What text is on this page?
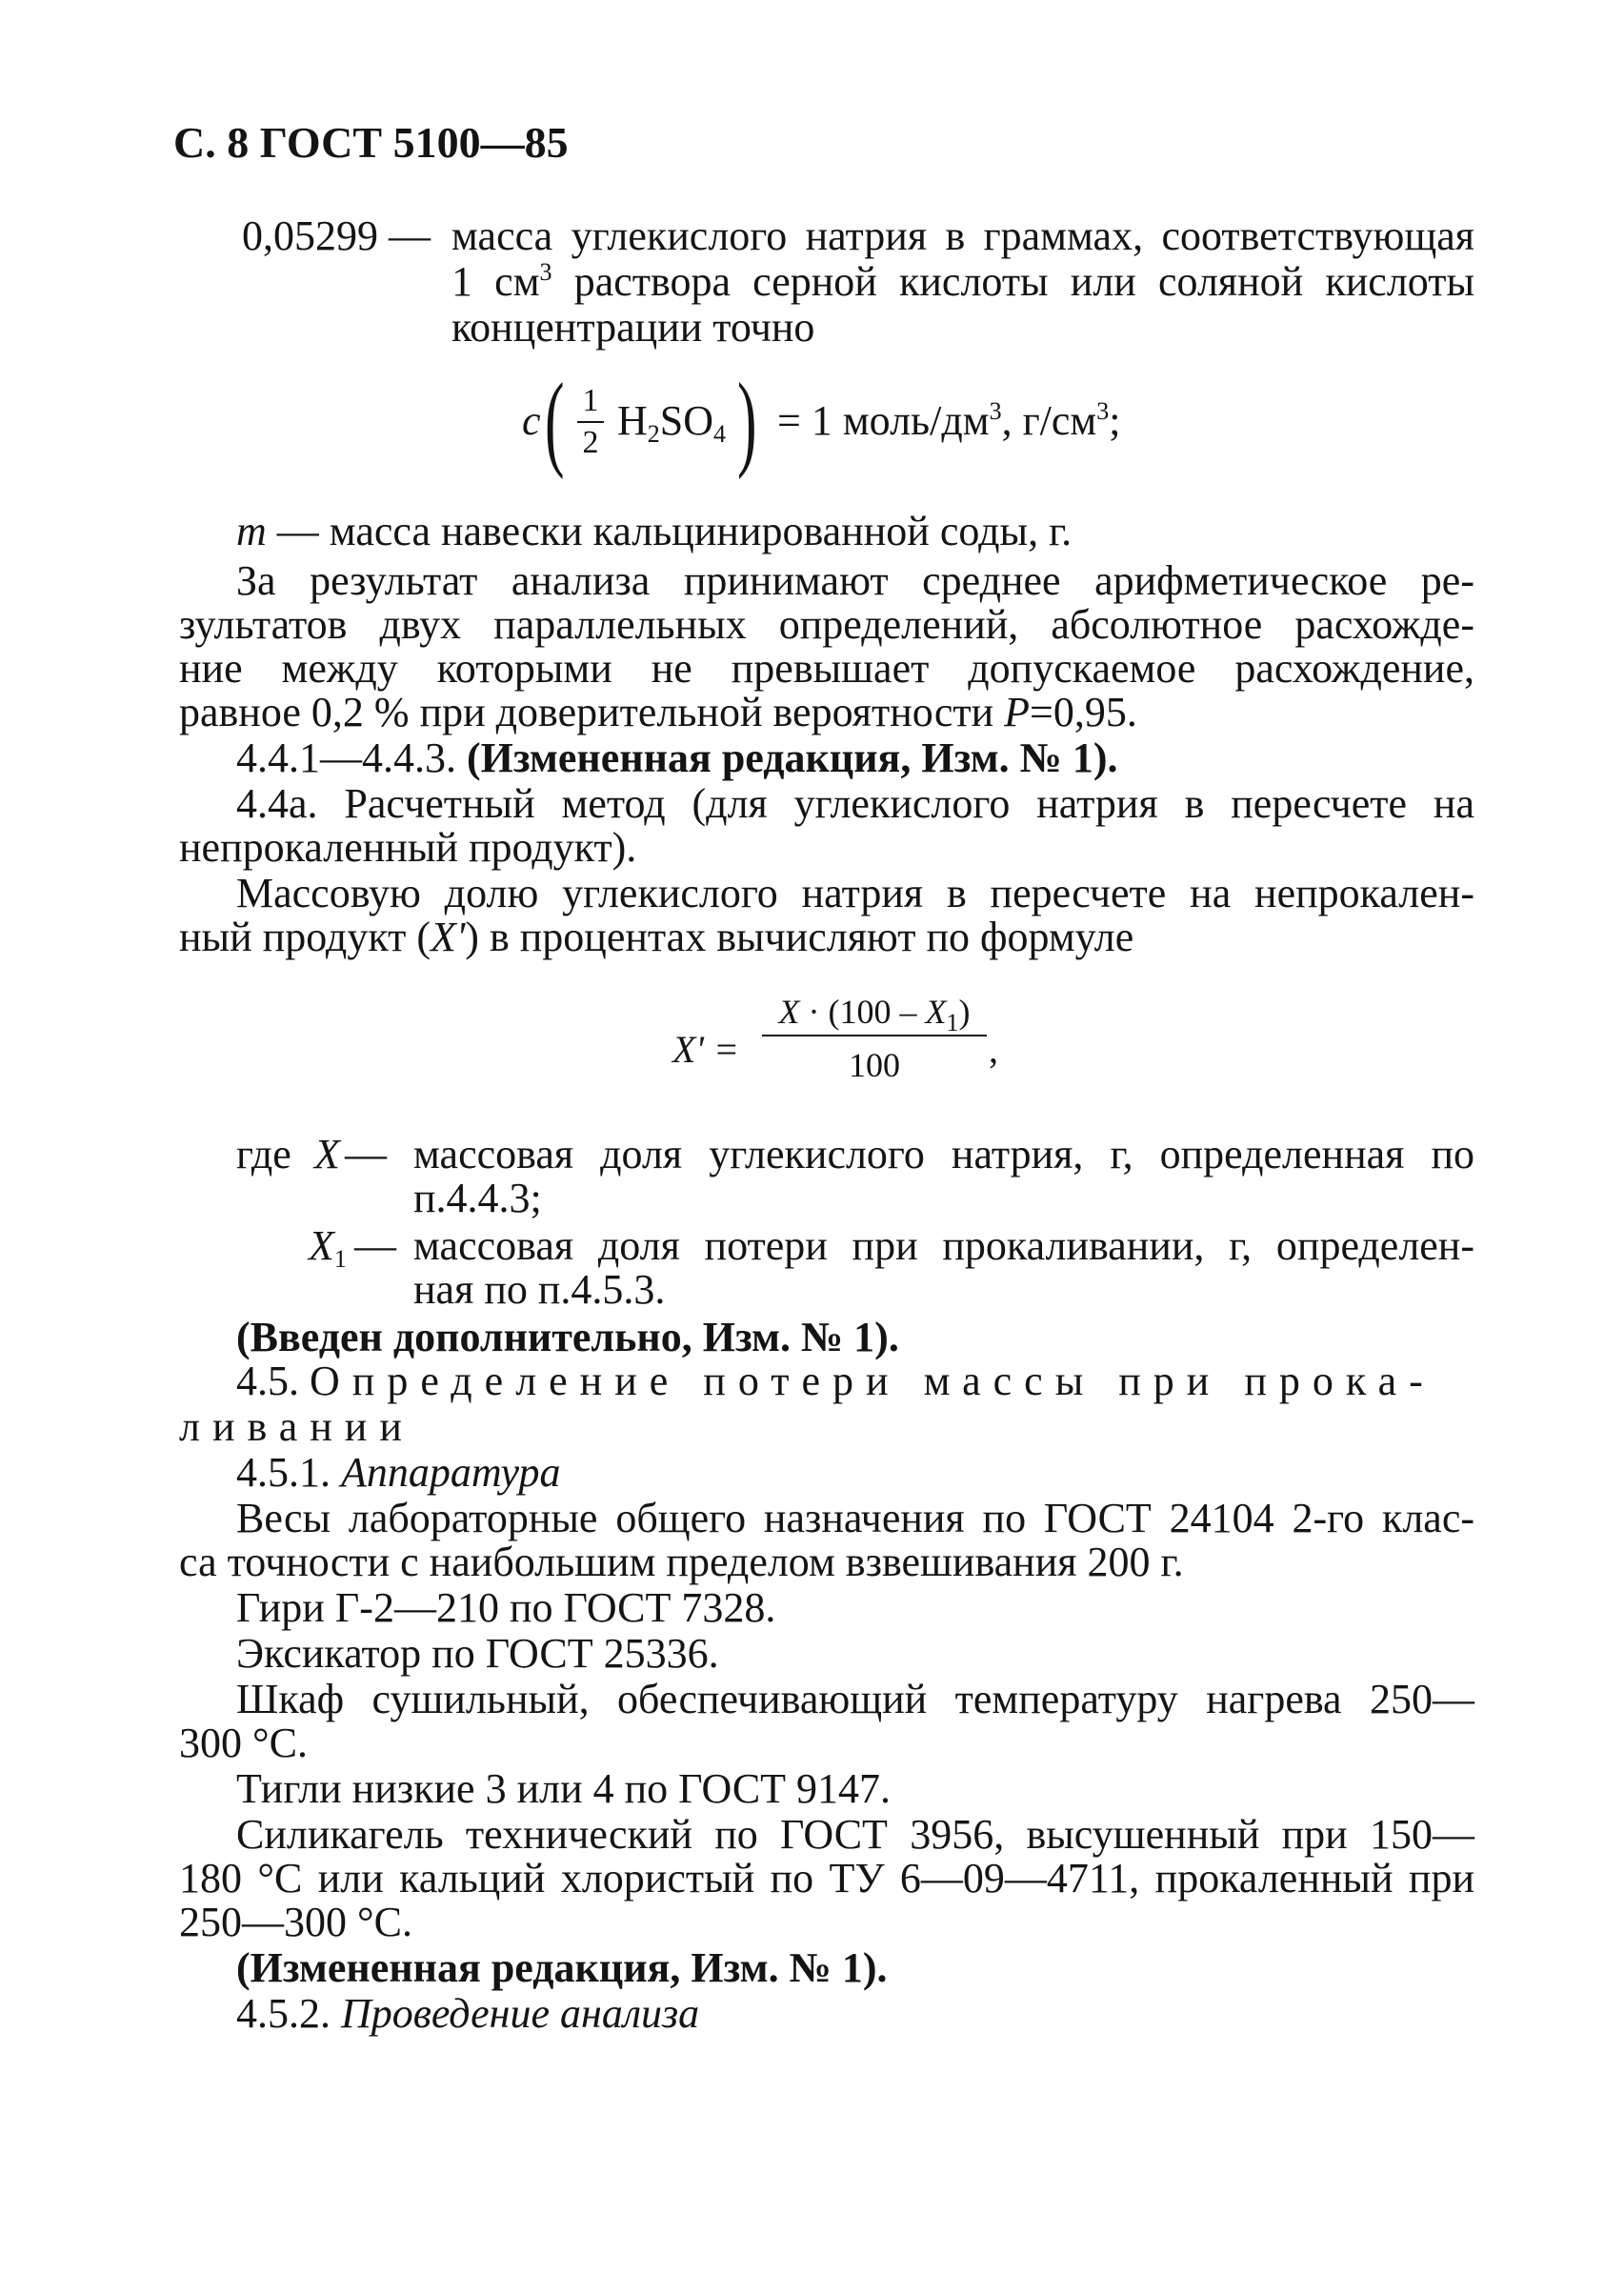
С. 8 ГОСТ 5100—85
0,05299 — масса углекислого натрия в граммах, соответствующая
1 $см^3$ раствора серной кислоты или соляной кислоты
концентрации точно
c ( 1
2 $H_2SO_4$ ) = 1 моль/$дм^3$, $г/см^3$;
m — масса навески кальцинированной соды, г.
За результат анализа принимают среднее арифметическое ре-
зультатов двух параллельных определений, абсолютное расхожде-
ние между которыми не превышает допускаемое расхождение,
равное 0,2 % при доверительной вероятности P=0,95.
4.4.1—4.4.3. (Измененная редакция, Изм. № 1).
4.4а. Расчетный метод (для углекислого натрия в пересчете на
непрокаленный продукт).
Массовую долю углекислого натрия в пересчете на непрокален-
ный продукт (X') в процентах вычисляют по формуле
X' =
$X \cdot (100 - X_1)$
100	,
где X — массовая доля углекислого натрия, г, определенная по
п.4.4.3;
$X_1$ — массовая доля потери при прокаливании, г, определен-
ная по п.4.5.3.
(Введен дополнительно, Изм. № 1).
4.5. Определение потери массы при прока-
ливании
4.5.1. Аппаратура
Весы лабораторные общего назначения по ГОСТ 24104 2-го клас-
са точности с наибольшим пределом взвешивания 200 г.
Гири Г-2—210 по ГОСТ 7328.
Эксикатор по ГОСТ 25336.
Шкаф сушильный, обеспечивающий температуру нагрева 250—
300 °С.
Тигли низкие 3 или 4 по ГОСТ 9147.
Силикагель технический по ГОСТ 3956, высушенный при 150—
180 °С или кальций хлористый по ТУ 6—09—4711, прокаленный при
250—300 °С.
(Измененная редакция, Изм. № 1).
4.5.2. Проведение анализа
